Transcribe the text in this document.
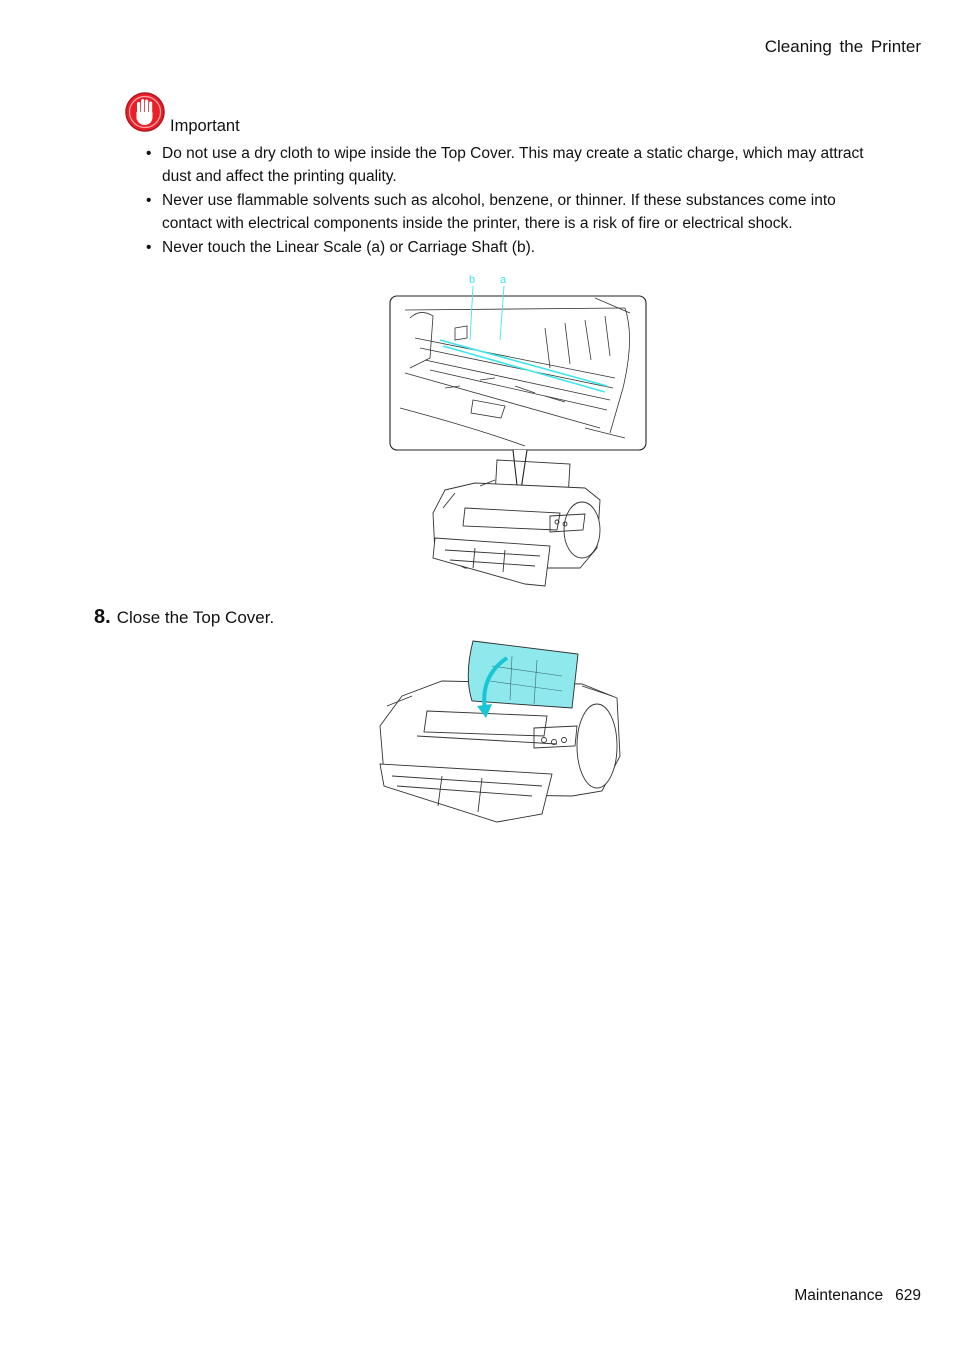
Cleaning the Printer
Important
• Do not use a dry cloth to wipe inside the Top Cover. This may create a static charge, which may attract dust and affect the printing quality.
• Never use flammable solvents such as alcohol, benzene, or thinner. If these substances come into contact with electrical components inside the printer, there is a risk of fire or electrical shock.
• Never touch the Linear Scale (a) or Carriage Shaft (b).
b a
8. Close the Top Cover.
Maintenance 629
